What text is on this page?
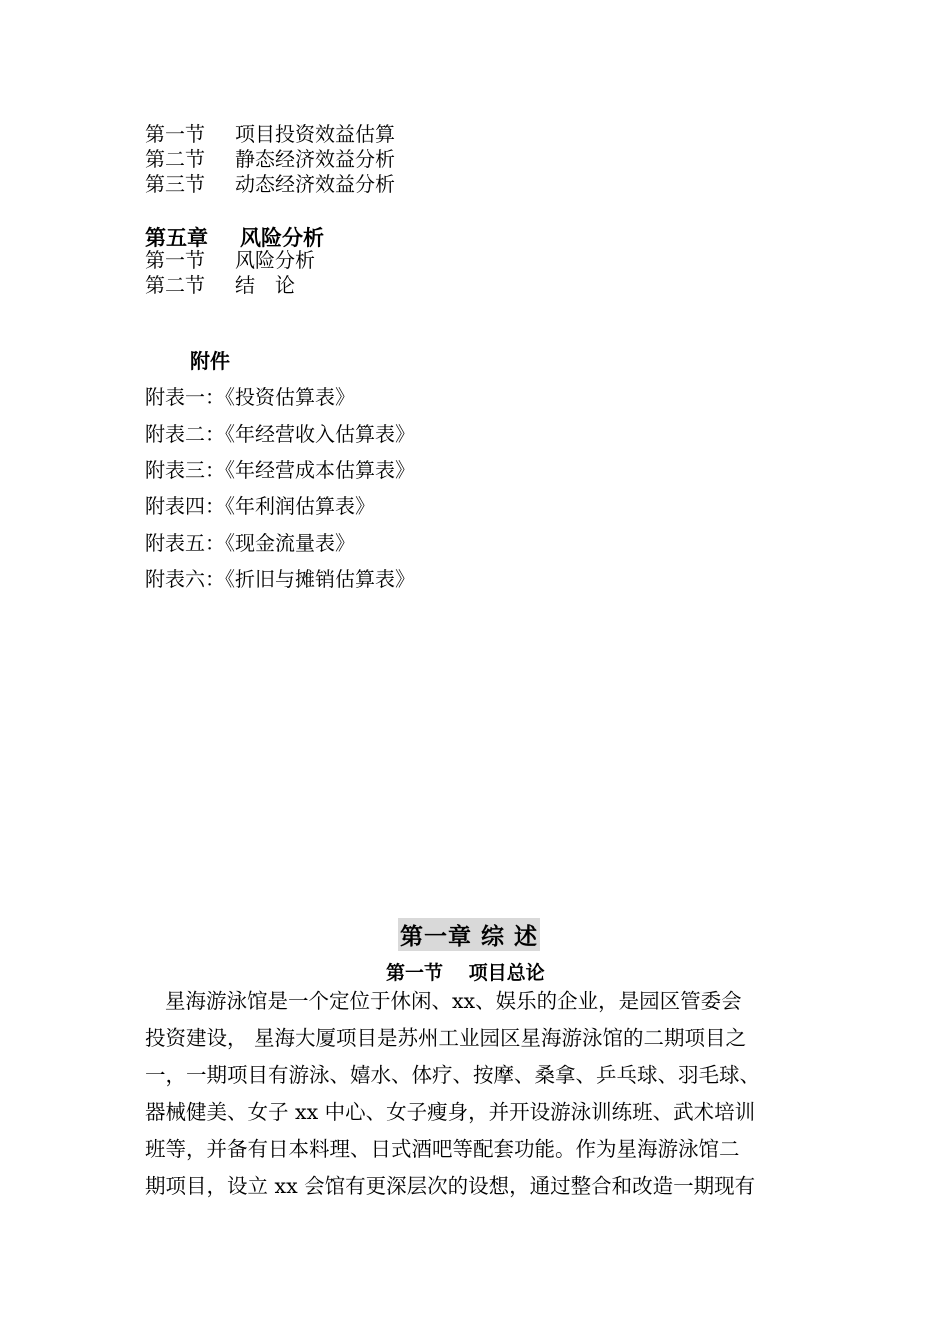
第一节 项目投资效益估算
第二节 静态经济效益分析
第三节 动态经济效益分析
第五章 风险分析
第一节 风险分析
第二节 结　论
附件
附表一：《投资估算表》
附表二：《年经营收入估算表》
附表三：《年经营成本估算表》
附表四：《年利润估算表》
附表五：《现金流量表》
附表六：《折旧与摊销估算表》
第一章 综 述
第一节　 项目总论
星海游泳馆是一个定位于休闲、xx、娱乐的企业，是园区管委会
投资建设， 星海大厦项目是苏州工业园区星海游泳馆的二期项目之
一，一期项目有游泳、嬉水、体疗、按摩、桑拿、乒乓球、羽毛球、
器械健美、女子 xx 中心、女子瘦身，并开设游泳训练班、武术培训
班等，并备有日本料理、日式酒吧等配套功能。作为星海游泳馆二
期项目，设立 xx 会馆有更深层次的设想，通过整合和改造一期现有
